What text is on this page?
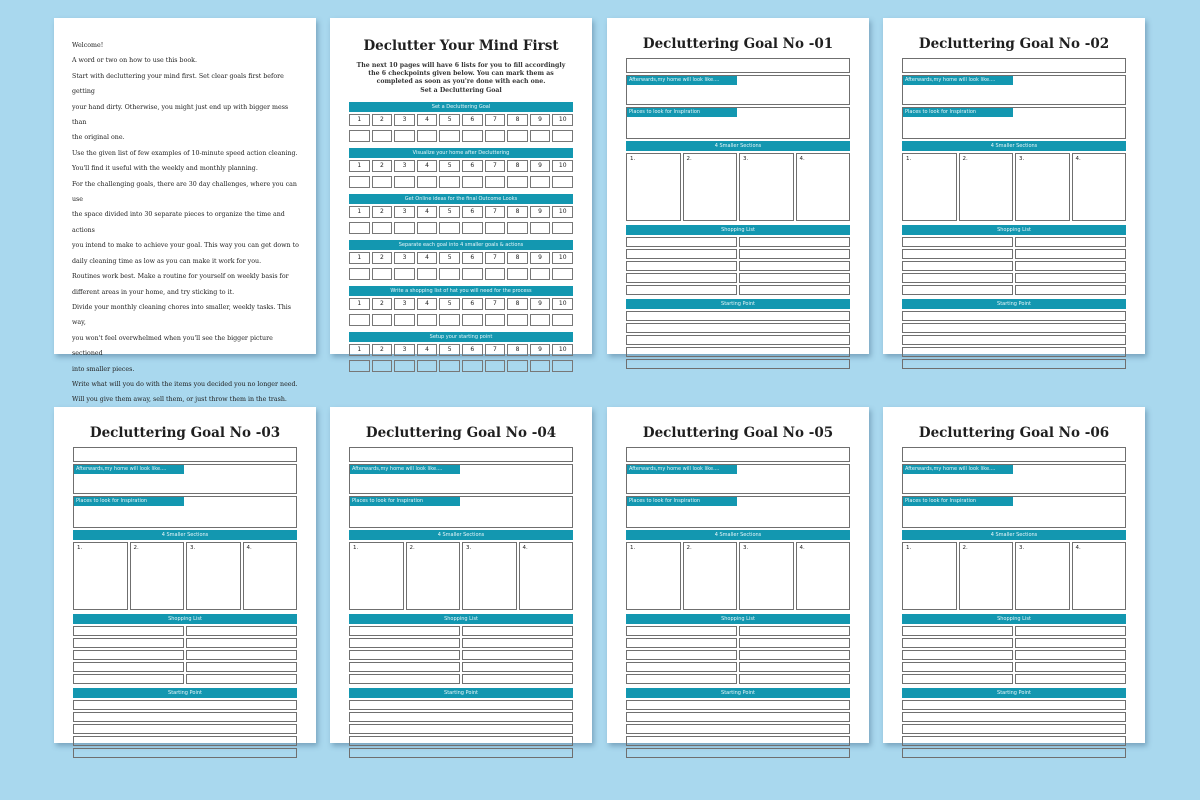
Welcome!

A word or two on how to use this book.

Start with decluttering your mind first. Set clear goals first before getting

your hand dirty. Otherwise, you might just end up with bigger mess than

the original one.

Use the given list of few examples of 10-minute speed action cleaning.

You'll find it useful with the weekly and monthly planning.

For the challenging goals, there are 30 day challenges, where you can use

the space divided into 30 separate pieces to organize the time and actions

you intend to make to achieve your goal. This way you can get down to

daily cleaning time as low as you can make it work for you.

Routines work best. Make a routine for yourself on weekly basis for

different areas in your home, and try sticking to it.

Divide your monthly cleaning chores into smaller, weekly tasks. This way,

you won't feel overwhelmed when you'll see the bigger picture sectioned

into smaller pieces.

Write what will you do with the items you decided you no longer need.

Will you give them away, sell them, or just throw them in the trash.

Declutter Your Mind First
The next 10 pages will have 6 lists for you to fill accordingly the 6 checkpoints given below. You can mark them as completed as soon as you're done with each one.
Set a Decluttering Goal
Set a Decluttering Goal
1	2	3	4	5	6	7	8	9	10
Visualize your home after Decluttering
1	2	3	4	5	6	7	8	9	10
Get Online ideas for the final Outcome Looks
1	2	3	4	5	6	7	8	9	10
Separate each goal into 4 smaller goals & actions
1	2	3	4	5	6	7	8	9	10
Write a shopping list of hat you will need for the process
1	2	3	4	5	6	7	8	9	10
Setup your starting point
1	2	3	4	5	6	7	8	9	10
Decluttering Goal No -01
Afterwards,my home will look like....
Places to look for Inspiration
4 Smaller Sections
1.	2.	3.	4.
Shopping List
Starting Point
Decluttering Goal No -02
Afterwards,my home will look like....
Places to look for Inspiration
4 Smaller Sections
1.	2.	3.	4.
Shopping List
Starting Point
Decluttering Goal No -03
Afterwards,my home will look like....
Places to look for Inspiration
4 Smaller Sections
1.	2.	3.	4.
Shopping List
Starting Point
Decluttering Goal No -04
Afterwards,my home will look like....
Places to look for Inspiration
4 Smaller Sections
1.	2.	3.	4.
Shopping List
Starting Point
Decluttering Goal No -05
Afterwards,my home will look like....
Places to look for Inspiration
4 Smaller Sections
1.	2.	3.	4.
Shopping List
Starting Point
Decluttering Goal No -06
Afterwards,my home will look like....
Places to look for Inspiration
4 Smaller Sections
1.	2.	3.	4.
Shopping List
Starting Point
